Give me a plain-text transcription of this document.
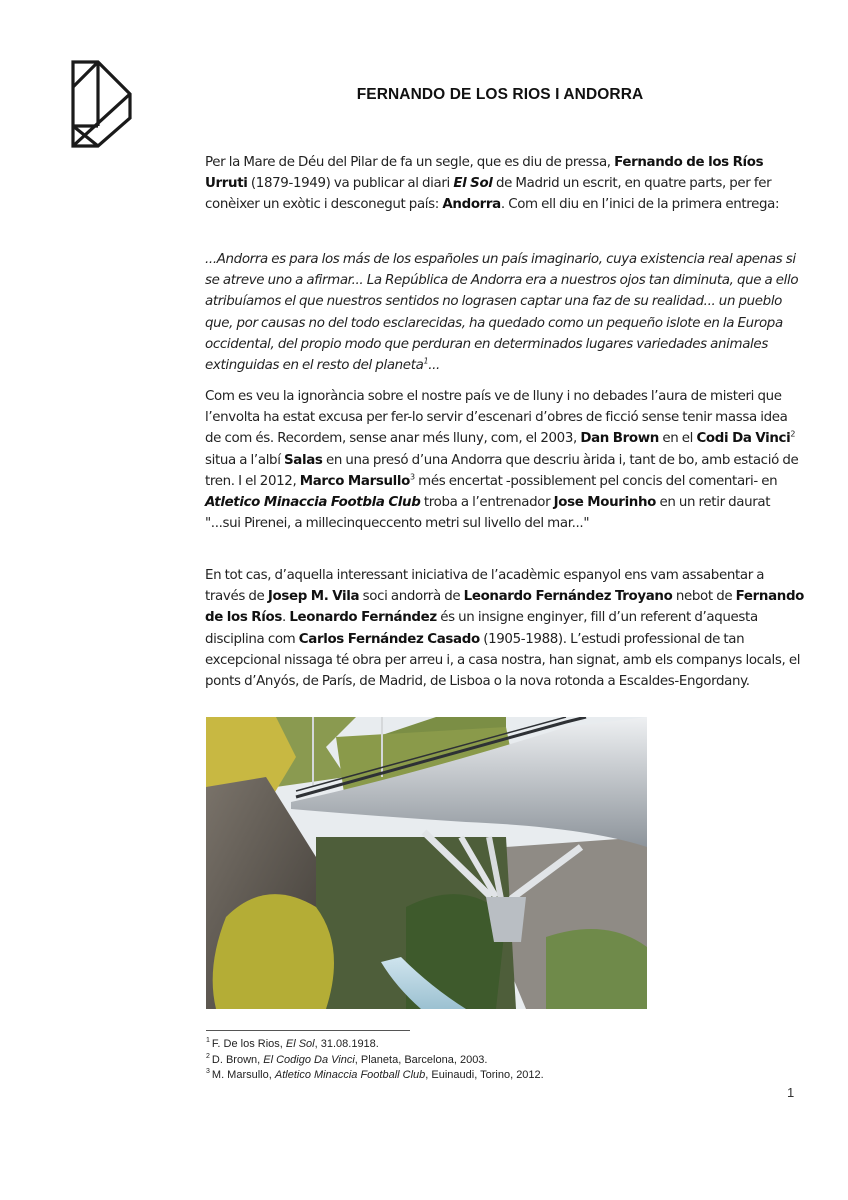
FERNANDO DE LOS RIOS I ANDORRA
Per la Mare de Déu del Pilar de fa un segle, que es diu de pressa, Fernando de los Ríos Urruti (1879-1949) va publicar al diari El Sol de Madrid un escrit, en quatre parts, per fer conèixer un exòtic i desconegut país: Andorra. Com ell diu en l’inici de la primera entrega:
...Andorra es para los más de los españoles un país imaginario, cuya existencia real apenas si se atreve uno a afirmar... La República de Andorra era a nuestros ojos tan diminuta, que a ello atribuíamos el que nuestros sentidos no lograsen captar una faz de su realidad... un pueblo que, por causas no del todo esclarecidas, ha quedado como un pequeño islote en la Europa occidental, del propio modo que perduran en determinados lugares variedades animales extinguidas en el resto del planeta$^1$...
Com es veu la ignorància sobre el nostre país ve de lluny i no debades l’aura de misteri que l’envolta ha estat excusa per fer-lo servir d’escenari d’obres de ficció sense tenir massa idea de com és. Recordem, sense anar més lluny, com, el 2003, Dan Brown en el Codi Da Vinci$^2$ situa a l’albí Salas en una presó d’una Andorra que descriu àrida i, tant de bo, amb estació de tren. I el 2012, Marco Marsullo$^3$ més encertat -possiblement pel concis del comentari- en Atletico Minaccia Footbla Club troba a l’entrenador Jose Mourinho en un retir daurat "...sui Pirenei, a millecinqueccento metri sul livello del mar..."
En tot cas, d’aquella interessant iniciativa de l’acadèmic espanyol ens vam assabentar a través de Josep M. Vila soci andorrà de Leonardo Fernández Troyano nebot de Fernando de los Ríos. Leonardo Fernández és un insigne enginyer, fill d’un referent d’aquesta disciplina com Carlos Fernández Casado (1905-1988). L’estudi professional de tan excepcional nissaga té obra per arreu i, a casa nostra, han signat, amb els companys locals, el ponts d’Anyós, de París, de Madrid, de Lisboa o la nova rotonda a Escaldes-Engordany.
$^1$ F. De los Rios, El Sol, 31.08.1918.
$^2$ D. Brown, El Codigo Da Vinci, Planeta, Barcelona, 2003.
$^3$ M. Marsullo, Atletico Minaccia Football Club, Euinaudi, Torino, 2012.
1
